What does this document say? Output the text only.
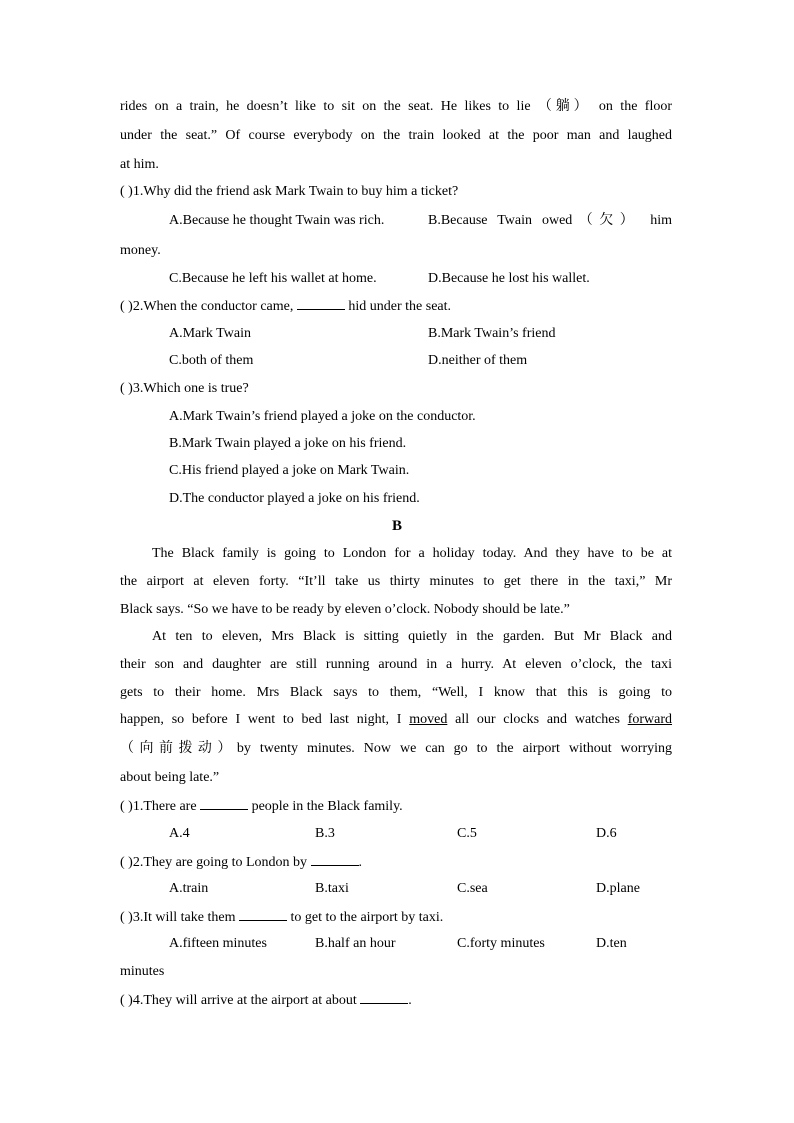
rides on a train, he doesn’t like to sit on the seat. He likes to lie （躺） on the floor
under the seat.” Of course everybody on the train looked at the poor man and laughed
at him.
( )1.Why did the friend ask Mark Twain to buy him a ticket?
A.Because he thought Twain was rich.	B.Because Twain owed（欠） him
money.
C.Because he left his wallet at home.	D.Because he lost his wallet.
( )2.When the conductor came,	hid under the seat.
A.Mark Twain	B.Mark Twain’s friend
C.both of them	D.neither of them
( )3.Which one is true?
A.Mark Twain’s friend played a joke on the conductor.
B.Mark Twain played a joke on his friend.
C.His friend played a joke on Mark Twain.
D.The conductor played a joke on his friend.
B
The Black family is going to London for a holiday today. And they have to be at
the airport at eleven forty. “It’ll take us thirty minutes to get there in the taxi,” Mr
Black says. “So we have to be ready by eleven o’clock. Nobody should be late.”
At ten to eleven, Mrs Black is sitting quietly in the garden. But Mr Black and
their son and daughter are still running around in a hurry. At eleven o’clock, the taxi
gets to their home. Mrs Black says to them, “Well, I know that this is going to
happen, so before I went to bed last night, I moved all our clocks and watches forward
（向前拨动）by twenty minutes. Now we can go to the airport without worrying
about being late.”
( )1.There are	people in the Black family.
A.4	B.3	C.5	D.6
( )2.They are going to London by	.
A.train	B.taxi	C.sea	D.plane
( )3.It will take them	to get to the airport by taxi.
A.fifteen minutes	B.half an hour	C.forty minutes	D.ten
minutes
( )4.They will arrive at the airport at about	.
